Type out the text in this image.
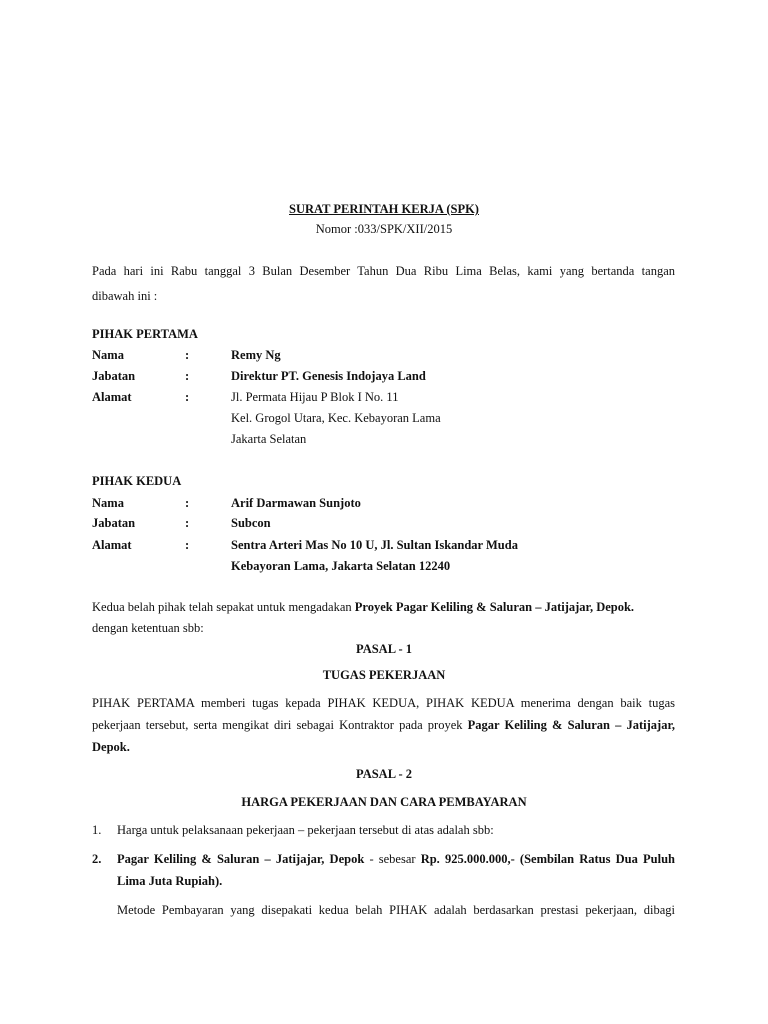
SURAT PERINTAH KERJA (SPK)
Nomor :033/SPK/XII/2015
Pada hari ini Rabu tanggal 3 Bulan Desember Tahun Dua Ribu Lima Belas, kami yang bertanda tangan
dibawah ini :
PIHAK PERTAMA
Nama	:	Remy Ng
Jabatan	:	Direktur PT. Genesis Indojaya Land
Alamat	:	Jl. Permata Hijau P Blok I No. 11
Kel. Grogol Utara, Kec. Kebayoran Lama
Jakarta Selatan
PIHAK KEDUA
Nama	:	Arif Darmawan Sunjoto
Jabatan	:	Subcon
Alamat	:	Sentra Arteri Mas No 10 U, Jl. Sultan Iskandar Muda
Kebayoran Lama, Jakarta Selatan 12240
Kedua belah pihak telah sepakat untuk mengadakan Proyek Pagar Keliling & Saluran – Jatijajar, Depok.
dengan ketentuan sbb:
PASAL - 1
TUGAS PEKERJAAN
PIHAK PERTAMA memberi tugas kepada PIHAK KEDUA, PIHAK KEDUA menerima dengan baik tugas
pekerjaan tersebut, serta mengikat diri sebagai Kontraktor pada proyek Pagar Keliling & Saluran – Jatijajar,
Depok.
PASAL - 2
HARGA PEKERJAAN DAN CARA PEMBAYARAN
1. Harga untuk pelaksanaan pekerjaan – pekerjaan tersebut di atas adalah sbb:
2. Pagar Keliling & Saluran – Jatijajar, Depok - sebesar Rp. 925.000.000,- (Sembilan Ratus Dua Puluh
Lima Juta Rupiah).
Metode Pembayaran yang disepakati kedua belah PIHAK adalah berdasarkan prestasi pekerjaan, dibagi
